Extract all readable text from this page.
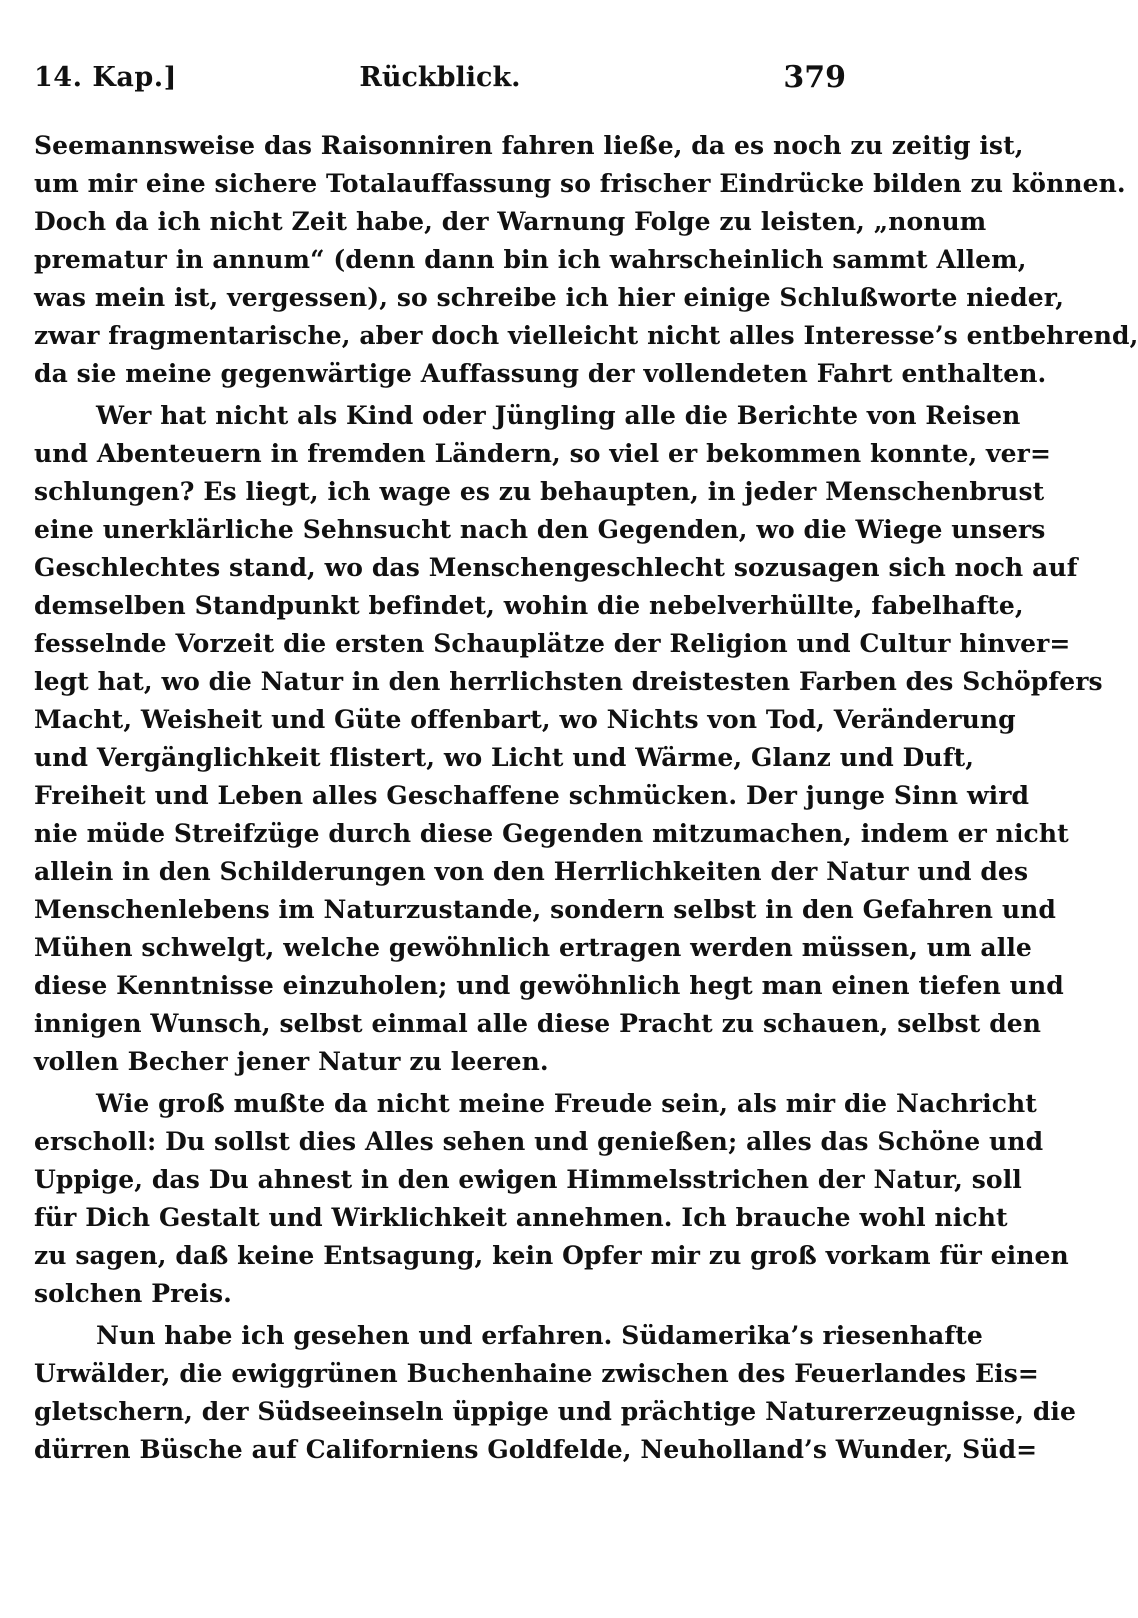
14. Kap.]	Rückblick.	379
Seemannsweise das Raisonniren fahren ließe, da es noch zu zeitig ist,
um mir eine sichere Totalauffassung so frischer Eindrücke bilden zu können.
Doch da ich nicht Zeit habe, der Warnung Folge zu leisten, „nonum
prematur in annum“ (denn dann bin ich wahrscheinlich sammt Allem,
was mein ist, vergessen), so schreibe ich hier einige Schlußworte nieder,
zwar fragmentarische, aber doch vielleicht nicht alles Interesse’s entbehrend,
da sie meine gegenwärtige Auffassung der vollendeten Fahrt enthalten.
Wer hat nicht als Kind oder Jüngling alle die Berichte von Reisen
und Abenteuern in fremden Ländern, so viel er bekommen konnte, ver=
schlungen? Es liegt, ich wage es zu behaupten, in jeder Menschenbrust
eine unerklärliche Sehnsucht nach den Gegenden, wo die Wiege unsers
Geschlechtes stand, wo das Menschengeschlecht sozusagen sich noch auf
demselben Standpunkt befindet, wohin die nebelverhüllte, fabelhafte,
fesselnde Vorzeit die ersten Schauplätze der Religion und Cultur hinver=
legt hat, wo die Natur in den herrlichsten dreistesten Farben des Schöpfers
Macht, Weisheit und Güte offenbart, wo Nichts von Tod, Veränderung
und Vergänglichkeit flistert, wo Licht und Wärme, Glanz und Duft,
Freiheit und Leben alles Geschaffene schmücken. Der junge Sinn wird
nie müde Streifzüge durch diese Gegenden mitzumachen, indem er nicht
allein in den Schilderungen von den Herrlichkeiten der Natur und des
Menschenlebens im Naturzustande, sondern selbst in den Gefahren und
Mühen schwelgt, welche gewöhnlich ertragen werden müssen, um alle
diese Kenntnisse einzuholen; und gewöhnlich hegt man einen tiefen und
innigen Wunsch, selbst einmal alle diese Pracht zu schauen, selbst den
vollen Becher jener Natur zu leeren.
Wie groß mußte da nicht meine Freude sein, als mir die Nachricht
erscholl: Du sollst dies Alles sehen und genießen; alles das Schöne und
Uppige, das Du ahnest in den ewigen Himmelsstrichen der Natur, soll
für Dich Gestalt und Wirklichkeit annehmen. Ich brauche wohl nicht
zu sagen, daß keine Entsagung, kein Opfer mir zu groß vorkam für einen
solchen Preis.
Nun habe ich gesehen und erfahren. Südamerika’s riesenhafte
Urwälder, die ewiggrünen Buchenhaine zwischen des Feuerlandes Eis=
gletschern, der Südseeinseln üppige und prächtige Naturerzeugnisse, die
dürren Büsche auf Californiens Goldfelde, Neuholland’s Wunder, Süd=
